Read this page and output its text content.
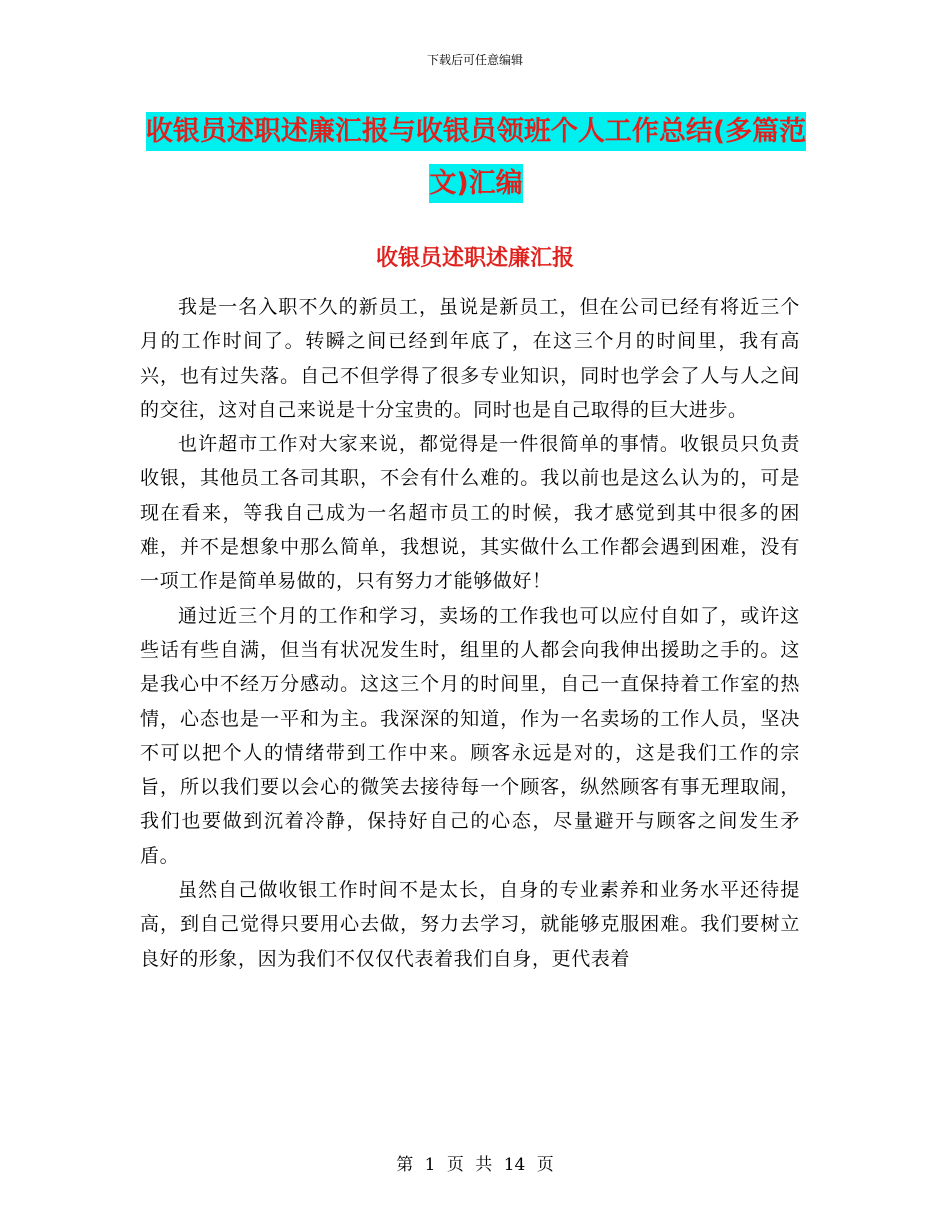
下载后可任意编辑
收银员述职述廉汇报与收银员领班个人工作总结(多篇范文)汇编
收银员述职述廉汇报

我是一名入职不久的新员工，虽说是新员工，但在公司已经有将近三个月的工作时间了。转瞬之间已经到年底了，在这三个月的时间里，我有高兴，也有过失落。自己不但学得了很多专业知识，同时也学会了人与人之间的交往，这对自己来说是十分宝贵的。同时也是自己取得的巨大进步。

也许超市工作对大家来说，都觉得是一件很简单的事情。收银员只负责收银，其他员工各司其职，不会有什么难的。我以前也是这么认为的，可是现在看来，等我自己成为一名超市员工的时候，我才感觉到其中很多的困难，并不是想象中那么简单，我想说，其实做什么工作都会遇到困难，没有一项工作是简单易做的，只有努力才能够做好！

通过近三个月的工作和学习，卖场的工作我也可以应付自如了，或许这些话有些自满，但当有状况发生时，组里的人都会向我伸出援助之手的。这是我心中不经万分感动。这这三个月的时间里，自己一直保持着工作室的热情，心态也是一平和为主。我深深的知道，作为一名卖场的工作人员，坚决不可以把个人的情绪带到工作中来。顾客永远是对的，这是我们工作的宗旨，所以我们要以会心的微笑去接待每一个顾客，纵然顾客有事无理取闹，我们也要做到沉着冷静，保持好自己的心态，尽量避开与顾客之间发生矛盾。

虽然自己做收银工作时间不是太长，自身的专业素养和业务水平还待提高，到自己觉得只要用心去做，努力去学习，就能够克服困难。我们要树立良好的形象，因为我们不仅仅代表着我们自身，更代表着

第 1 页 共 14 页
